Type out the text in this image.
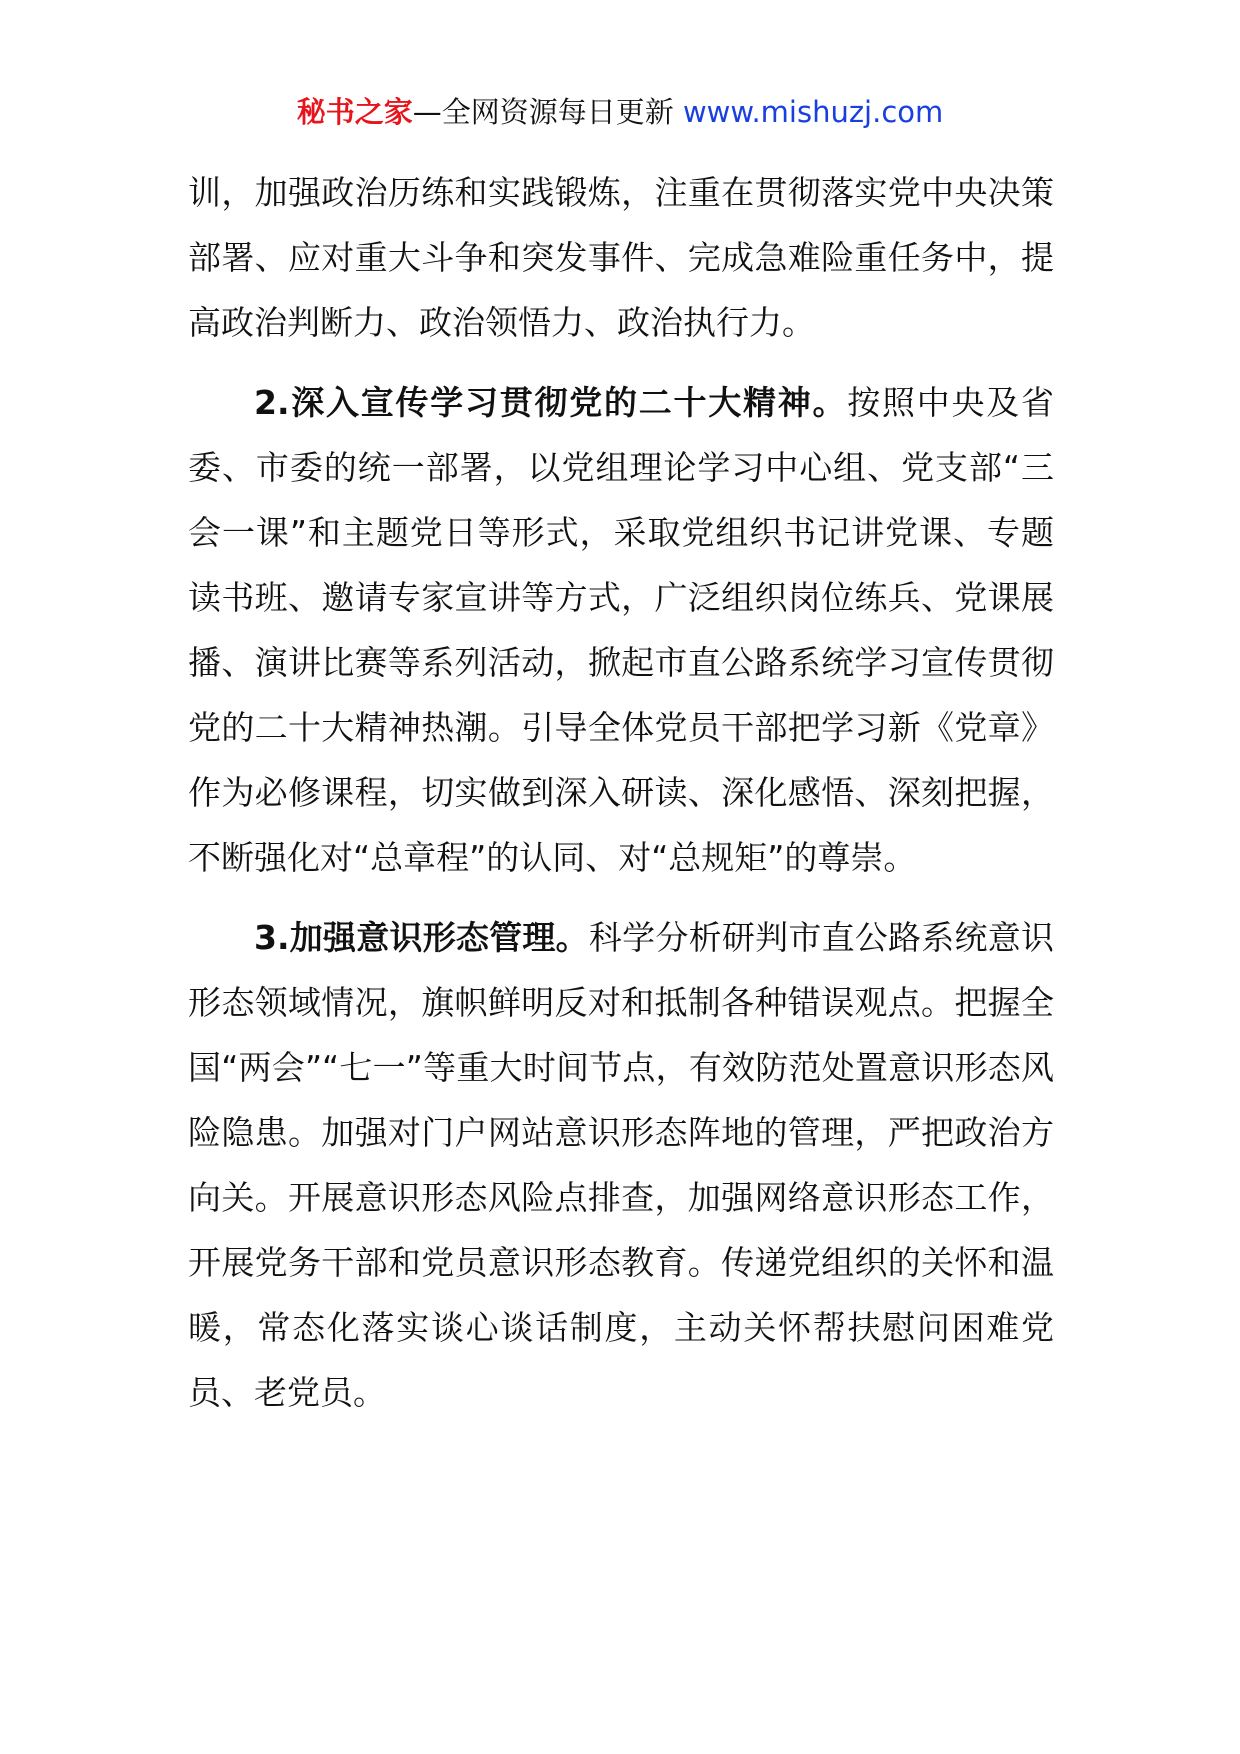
秘书之家—全网资源每日更新 www.mishuzj.com

训，加强政治历练和实践锻炼，注重在贯彻落实党中央决策部署、应对重大斗争和突发事件、完成急难险重任务中，提高政治判断力、政治领悟力、政治执行力。

2.深入宣传学习贯彻党的二十大精神。按照中央及省委、市委的统一部署，以党组理论学习中心组、党支部“三会一课”和主题党日等形式，采取党组织书记讲党课、专题读书班、邀请专家宣讲等方式，广泛组织岗位练兵、党课展播、演讲比赛等系列活动，掀起市直公路系统学习宣传贯彻党的二十大精神热潮。引导全体党员干部把学习新《党章》作为必修课程，切实做到深入研读、深化感悟、深刻把握，不断强化对“总章程”的认同、对“总规矩”的尊崇。

3.加强意识形态管理。科学分析研判市直公路系统意识形态领域情况，旗帜鲜明反对和抵制各种错误观点。把握全国“两会”“七一”等重大时间节点，有效防范处置意识形态风险隐患。加强对门户网站意识形态阵地的管理，严把政治方向关。开展意识形态风险点排查，加强网络意识形态工作，开展党务干部和党员意识形态教育。传递党组织的关怀和温暖，常态化落实谈心谈话制度，主动关怀帮扶慰问困难党员、老党员。
